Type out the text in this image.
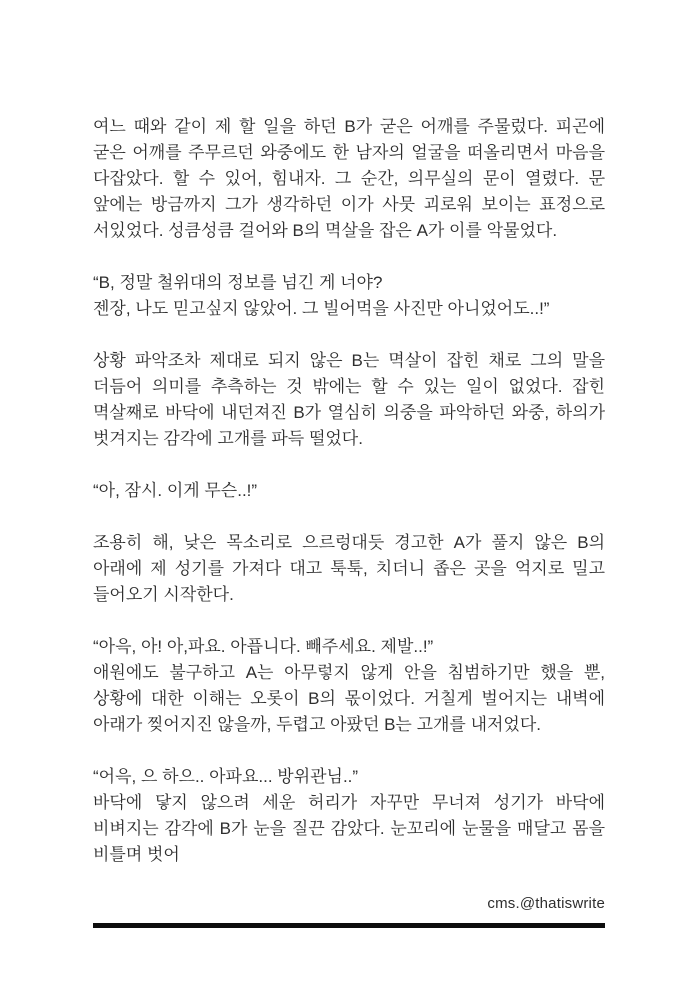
여느 때와 같이 제 할 일을 하던 B가 굳은 어깨를 주물렀다. 피곤에 굳은 어깨를 주무르던 와중에도 한 남자의 얼굴을 떠올리면서 마음을 다잡았다. 할 수 있어, 힘내자. 그 순간, 의무실의 문이 열렸다. 문 앞에는 방금까지 그가 생각하던 이가 사뭇 괴로워 보이는 표정으로 서있었다. 성큼성큼 걸어와 B의 멱살을 잡은 A가 이를 악물었다.

“B, 정말 철위대의 정보를 넘긴 게 너야?
젠장, 나도 믿고싶지 않았어. 그 빌어먹을 사진만 아니었어도..!”

상황 파악조차 제대로 되지 않은 B는 멱살이 잡힌 채로 그의 말을 더듬어 의미를 추측하는 것 밖에는 할 수 있는 일이 없었다. 잡힌 멱살째로 바닥에 내던져진 B가 열심히 의중을 파악하던 와중, 하의가 벗겨지는 감각에 고개를 파득 떨었다.

“아, 잠시. 이게 무슨..!”

조용히 해, 낮은 목소리로 으르렁대듯 경고한 A가 풀지 않은 B의 아래에 제 성기를 가져다 대고 툭툭, 치더니 좁은 곳을 억지로 밀고 들어오기 시작한다.

“아윽, 아! 아,파요. 아픕니다. 빼주세요. 제발..!”
애원에도 불구하고 A는 아무렇지 않게 안을 침범하기만 했을 뿐, 상황에 대한 이해는 오롯이 B의 몫이었다. 거칠게 벌어지는 내벽에 아래가 찢어지진 않을까, 두렵고 아팠던 B는 고개를 내저었다.

“어윽, 으 하으.. 아파요... 방위관님..”
바닥에 닿지 않으려 세운 허리가 자꾸만 무너져 성기가 바닥에 비벼지는 감각에 B가 눈을 질끈 감았다. 눈꼬리에 눈물을 매달고 몸을 비틀며 벗어

cms.@thatiswrite
